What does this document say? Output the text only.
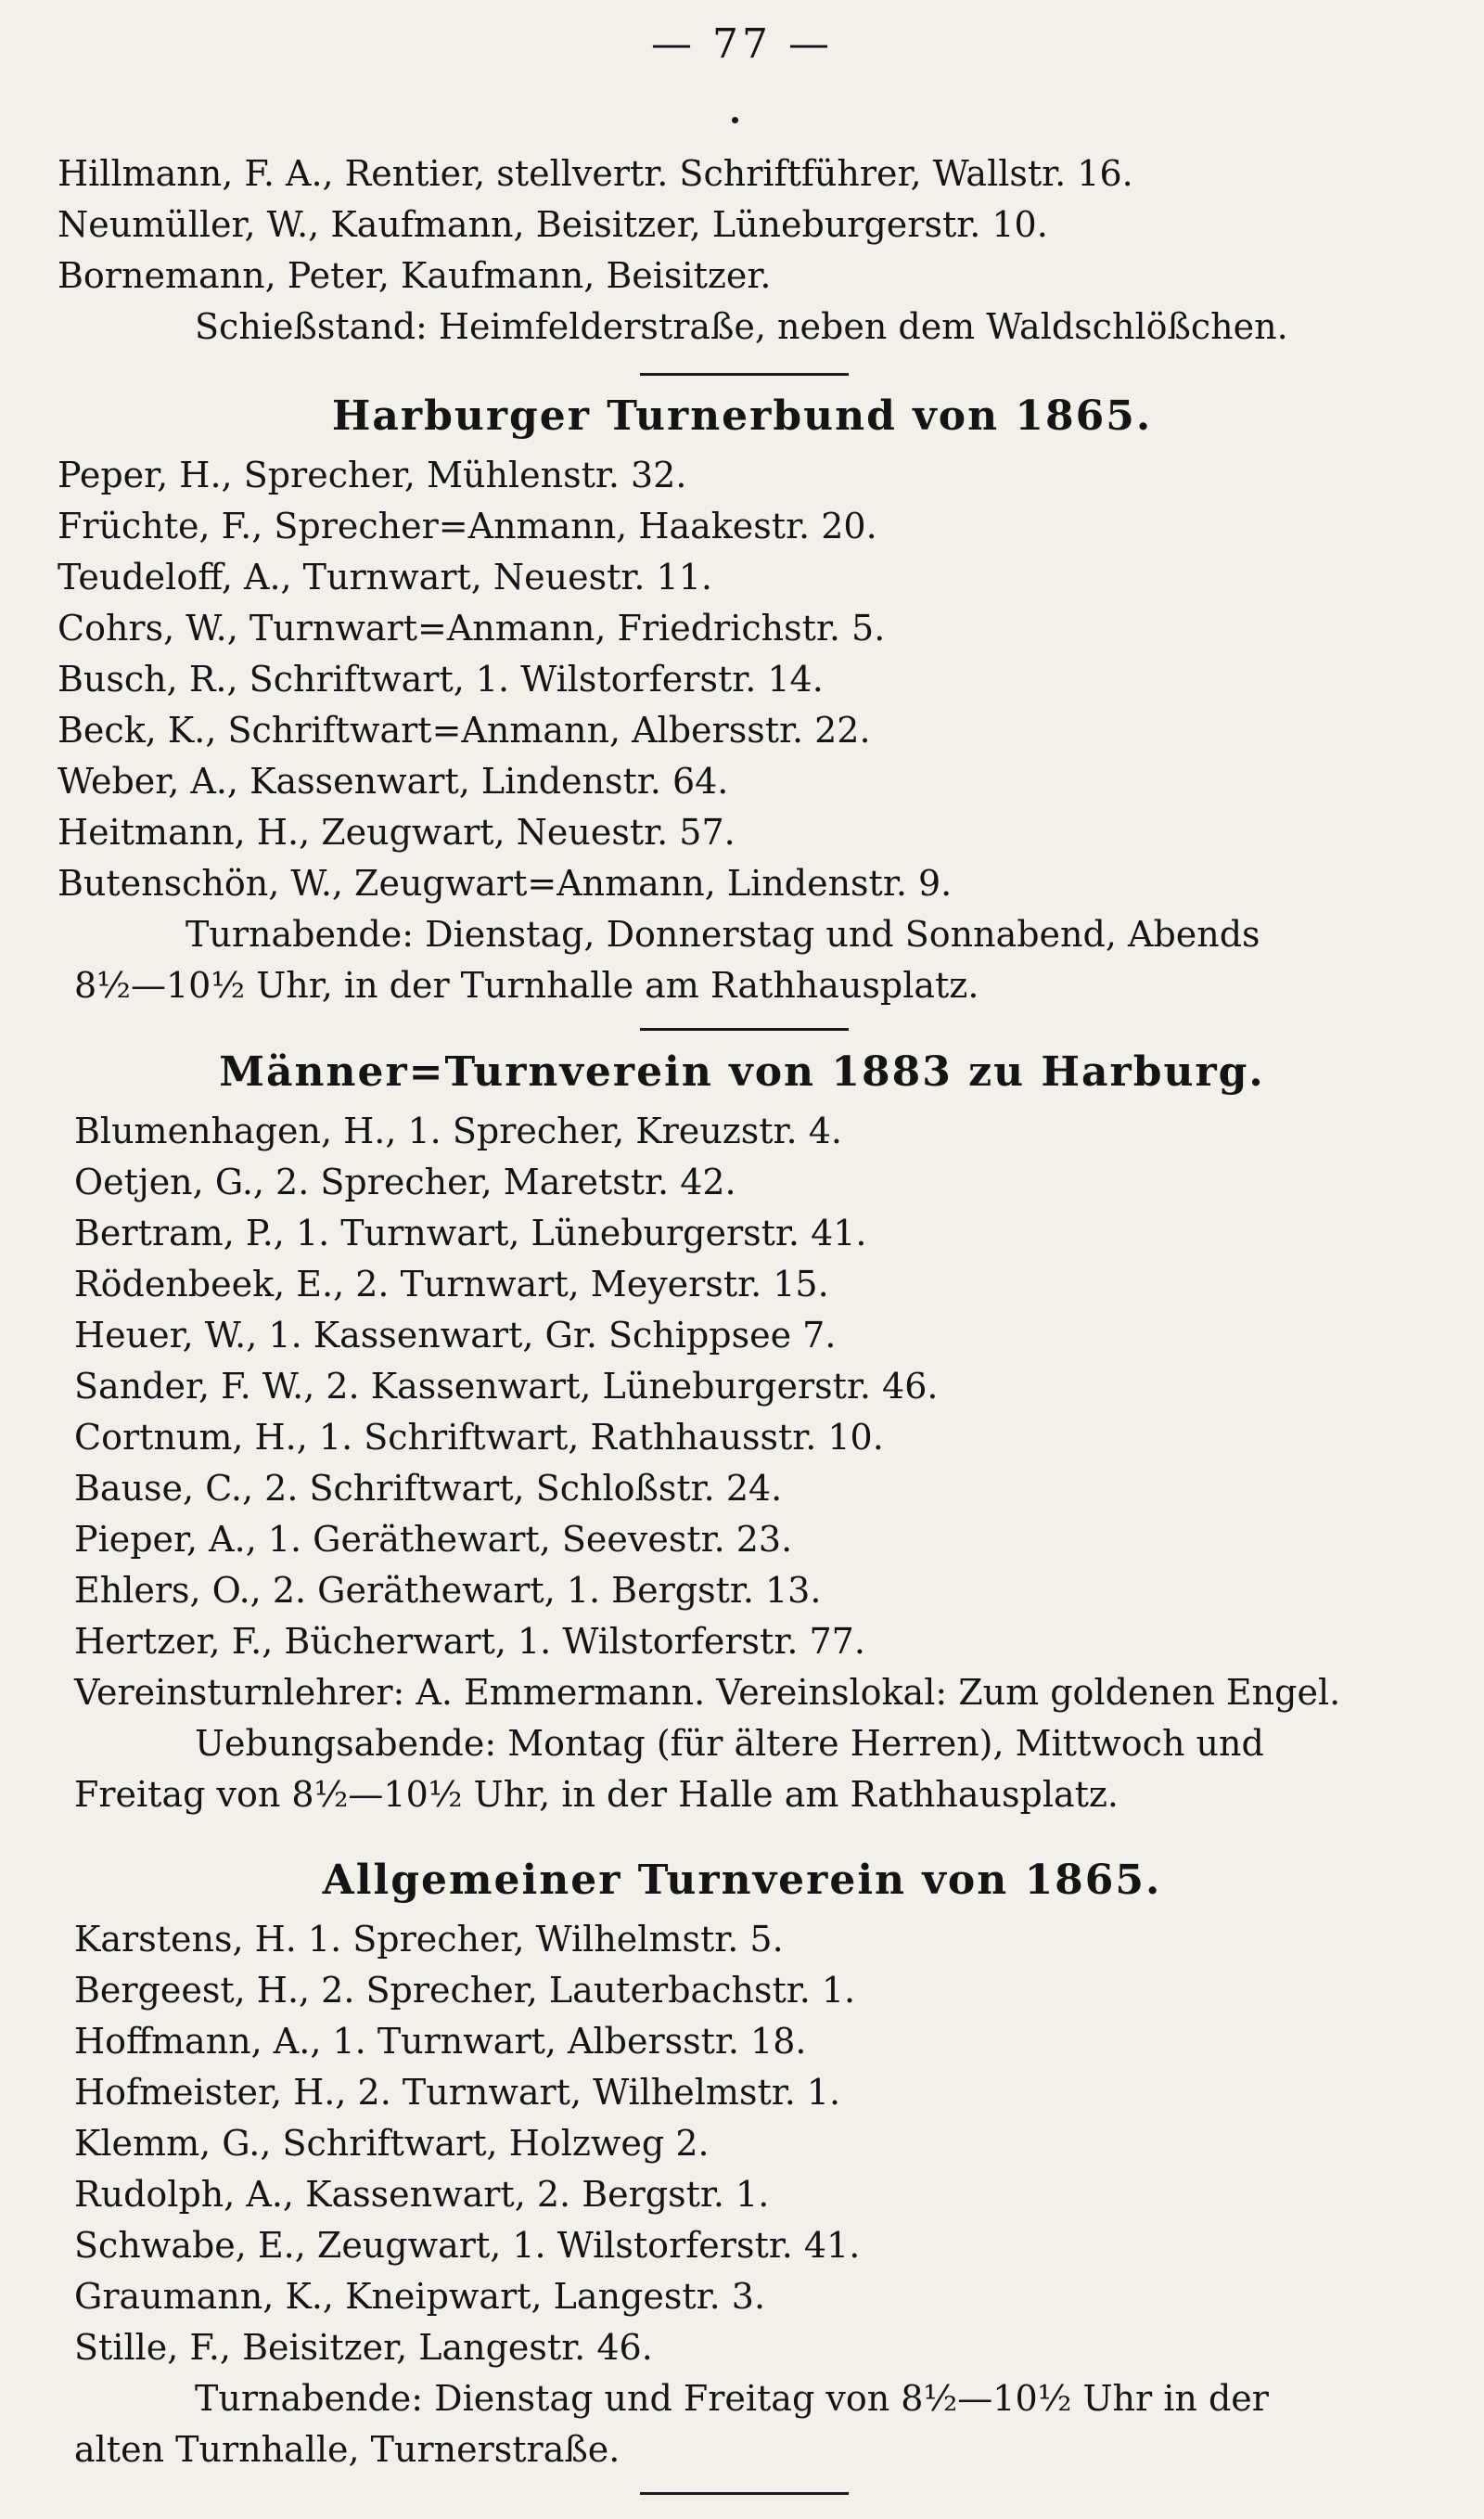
— 77 —
Hillmann, F. A., Rentier, stellvertr. Schriftführer, Wallstr. 16.
Neumüller, W., Kaufmann, Beisitzer, Lüneburgerstr. 10.
Bornemann, Peter, Kaufmann, Beisitzer.
Schießstand: Heimfelderstraße, neben dem Waldschlößchen.
Harburger Turnerbund von 1865.
Peper, H., Sprecher, Mühlenstr. 32.
Früchte, F., Sprecher=Anmann, Haakestr. 20.
Teudeloff, A., Turnwart, Neuestr. 11.
Cohrs, W., Turnwart=Anmann, Friedrichstr. 5.
Busch, R., Schriftwart, 1. Wilstorferstr. 14.
Beck, K., Schriftwart=Anmann, Albersstr. 22.
Weber, A., Kassenwart, Lindenstr. 64.
Heitmann, H., Zeugwart, Neuestr. 57.
Butenschön, W., Zeugwart=Anmann, Lindenstr. 9.
Turnabende: Dienstag, Donnerstag und Sonnabend, Abends
8½—10½ Uhr, in der Turnhalle am Rathhausplatz.
Männer=Turnverein von 1883 zu Harburg.
Blumenhagen, H., 1. Sprecher, Kreuzstr. 4.
Oetjen, G., 2. Sprecher, Maretstr. 42.
Bertram, P., 1. Turnwart, Lüneburgerstr. 41.
Rödenbeek, E., 2. Turnwart, Meyerstr. 15.
Heuer, W., 1. Kassenwart, Gr. Schippsee 7.
Sander, F. W., 2. Kassenwart, Lüneburgerstr. 46.
Cortnum, H., 1. Schriftwart, Rathhausstr. 10.
Bause, C., 2. Schriftwart, Schloßstr. 24.
Pieper, A., 1. Geräthewart, Seevestr. 23.
Ehlers, O., 2. Geräthewart, 1. Bergstr. 13.
Hertzer, F., Bücherwart, 1. Wilstorferstr. 77.
Vereinsturnlehrer: A. Emmermann. Vereinslokal: Zum goldenen Engel.
Uebungsabende: Montag (für ältere Herren), Mittwoch und
Freitag von 8½—10½ Uhr, in der Halle am Rathhausplatz.
Allgemeiner Turnverein von 1865.
Karstens, H. 1. Sprecher, Wilhelmstr. 5.
Bergeest, H., 2. Sprecher, Lauterbachstr. 1.
Hoffmann, A., 1. Turnwart, Albersstr. 18.
Hofmeister, H., 2. Turnwart, Wilhelmstr. 1.
Klemm, G., Schriftwart, Holzweg 2.
Rudolph, A., Kassenwart, 2. Bergstr. 1.
Schwabe, E., Zeugwart, 1. Wilstorferstr. 41.
Graumann, K., Kneipwart, Langestr. 3.
Stille, F., Beisitzer, Langestr. 46.
Turnabende: Dienstag und Freitag von 8½—10½ Uhr in der
alten Turnhalle, Turnerstraße.
